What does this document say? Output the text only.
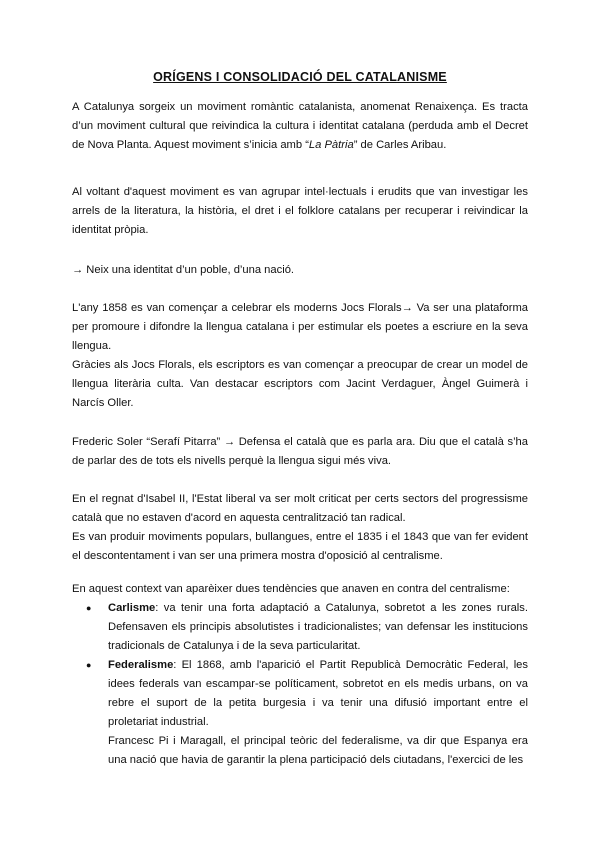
ORÍGENS I CONSOLIDACIÓ DEL CATALANISME

A Catalunya sorgeix un moviment romàntic catalanista, anomenat Renaixença. Es tracta d’un moviment cultural que reivindica la cultura i identitat catalana (perduda amb el Decret de Nova Planta. Aquest moviment s’inicia amb “La Pàtria” de Carles Aribau.

Al voltant d'aquest moviment es van agrupar intel·lectuals i erudits que van investigar les arrels de la literatura, la història, el dret i el folklore catalans per recuperar i reivindicar la identitat pròpia.

→ Neix una identitat d’un poble, d’una nació.

L'any 1858 es van començar a celebrar els moderns Jocs Florals→ Va ser una plataforma per promoure i difondre la llengua catalana i per estimular els poetes a escriure en la seva llengua.

Gràcies als Jocs Florals, els escriptors es van començar a preocupar de crear un model de llengua literària culta. Van destacar escriptors com Jacint Verdaguer, Àngel Guimerà i Narcís Oller.

Frederic Soler “Serafí Pitarra” → Defensa el català que es parla ara. Diu que el català s’ha de parlar des de tots els nivells perquè la llengua sigui més viva.

En el regnat d'Isabel II, l'Estat liberal va ser molt criticat per certs sectors del progressisme català que no estaven d'acord en aquesta centralització tan radical.

Es van produir moviments populars, bullangues, entre el 1835 i el 1843 que van fer evident el descontentament i van ser una primera mostra d'oposició al centralisme.

En aquest context van aparèixer dues tendències que anaven en contra del centralisme:

● Carlisme: va tenir una forta adaptació a Catalunya, sobretot a les zones rurals. Defensaven els principis absolutistes i tradicionalistes; van defensar les institucions tradicionals de Catalunya i de la seva particularitat.

● Federalisme: El 1868, amb l'aparició el Partit Republicà Democràtic Federal, les idees federals van escampar-se políticament, sobretot en els medis urbans, on va rebre el suport de la petita burgesia i va tenir una difusió important entre el proletariat industrial.

Francesc Pi i Maragall, el principal teòric del federalisme, va dir que Espanya era una nació que havia de garantir la plena participació dels ciutadans, l'exercici de les
